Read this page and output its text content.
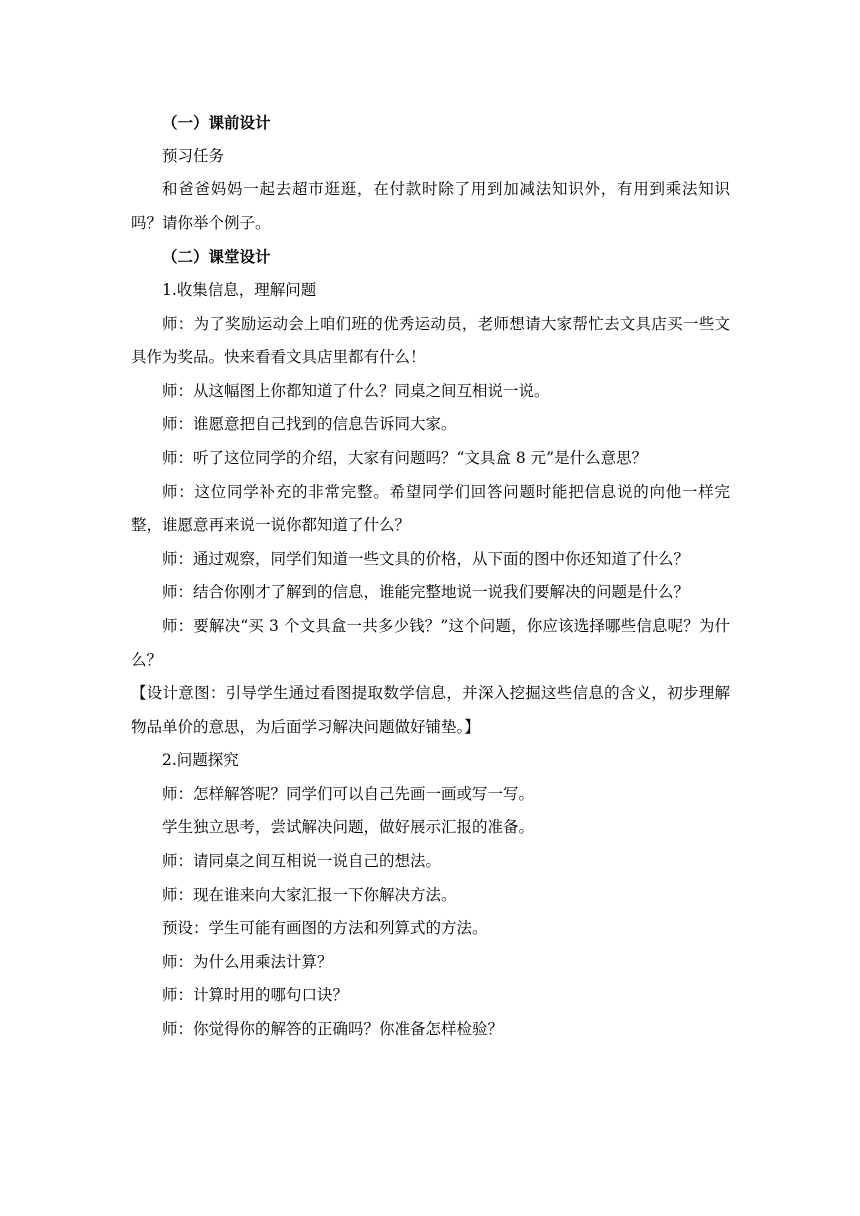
（一）课前设计

预习任务

和爸爸妈妈一起去超市逛逛，在付款时除了用到加减法知识外，有用到乘法知识吗？请你举个例子。

（二）课堂设计

1.收集信息，理解问题

师：为了奖励运动会上咱们班的优秀运动员，老师想请大家帮忙去文具店买一些文具作为奖品。快来看看文具店里都有什么！

师：从这幅图上你都知道了什么？同桌之间互相说一说。

师：谁愿意把自己找到的信息告诉同大家。

师：听了这位同学的介绍，大家有问题吗？“文具盒 8 元”是什么意思？

师：这位同学补充的非常完整。希望同学们回答问题时能把信息说的向他一样完整，谁愿意再来说一说你都知道了什么？

师：通过观察，同学们知道一些文具的价格，从下面的图中你还知道了什么？

师：结合你刚才了解到的信息，谁能完整地说一说我们要解决的问题是什么？

师：要解决“买 3 个文具盒一共多少钱？”这个问题，你应该选择哪些信息呢？为什么？

【设计意图：引导学生通过看图提取数学信息，并深入挖掘这些信息的含义，初步理解物品单价的意思，为后面学习解决问题做好铺垫。】

2.问题探究

师：怎样解答呢？同学们可以自己先画一画或写一写。

学生独立思考，尝试解决问题，做好展示汇报的准备。

师：请同桌之间互相说一说自己的想法。

师：现在谁来向大家汇报一下你解决方法。

预设：学生可能有画图的方法和列算式的方法。

师：为什么用乘法计算？

师：计算时用的哪句口诀？

师：你觉得你的解答的正确吗？你准备怎样检验？
